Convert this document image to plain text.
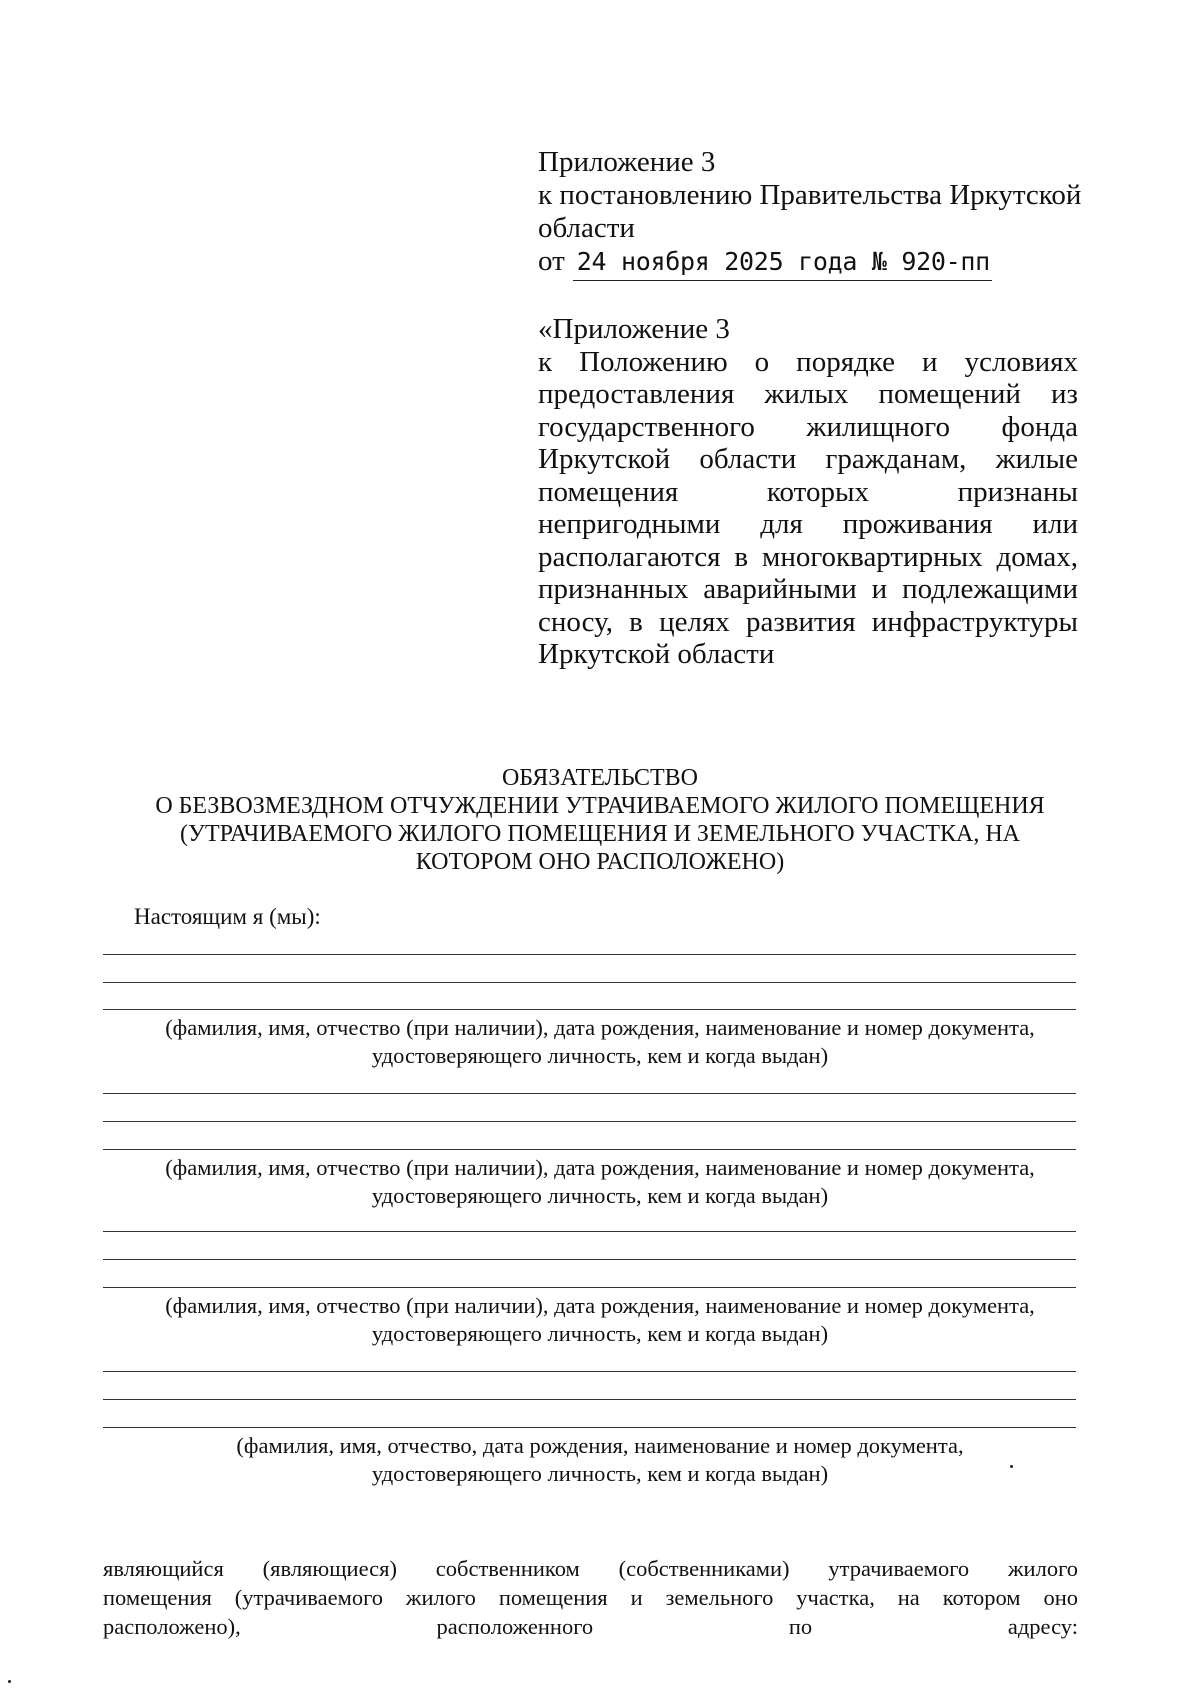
Приложение 3
к постановлению Правительства Иркутской
области
от 24 ноября 2025 года № 920-пп
«Приложение 3
к Положению о порядке и условиях предоставления жилых помещений из государственного жилищного фонда Иркутской области гражданам, жилые помещения которых признаны непригодными для проживания или располагаются в многоквартирных домах, признанных аварийными и подлежащими сносу, в целях развития инфраструктуры Иркутской области
ОБЯЗАТЕЛЬСТВО
О БЕЗВОЗМЕЗДНОМ ОТЧУЖДЕНИИ УТРАЧИВАЕМОГО ЖИЛОГО ПОМЕЩЕНИЯ
(УТРАЧИВАЕМОГО ЖИЛОГО ПОМЕЩЕНИЯ И ЗЕМЕЛЬНОГО УЧАСТКА, НА
КОТОРОМ ОНО РАСПОЛОЖЕНО)
Настоящим я (мы):
(фамилия, имя, отчество (при наличии), дата рождения, наименование и номер документа,
удостоверяющего личность, кем и когда выдан)
(фамилия, имя, отчество (при наличии), дата рождения, наименование и номер документа,
удостоверяющего личность, кем и когда выдан)
(фамилия, имя, отчество (при наличии), дата рождения, наименование и номер документа,
удостоверяющего личность, кем и когда выдан)
(фамилия, имя, отчество, дата рождения, наименование и номер документа,
удостоверяющего личность, кем и когда выдан)
являющийся (являющиеся) собственником (собственниками) утрачиваемого жилого
помещения (утрачиваемого жилого помещения и земельного участка, на котором оно
расположено), расположенного по адресу:
